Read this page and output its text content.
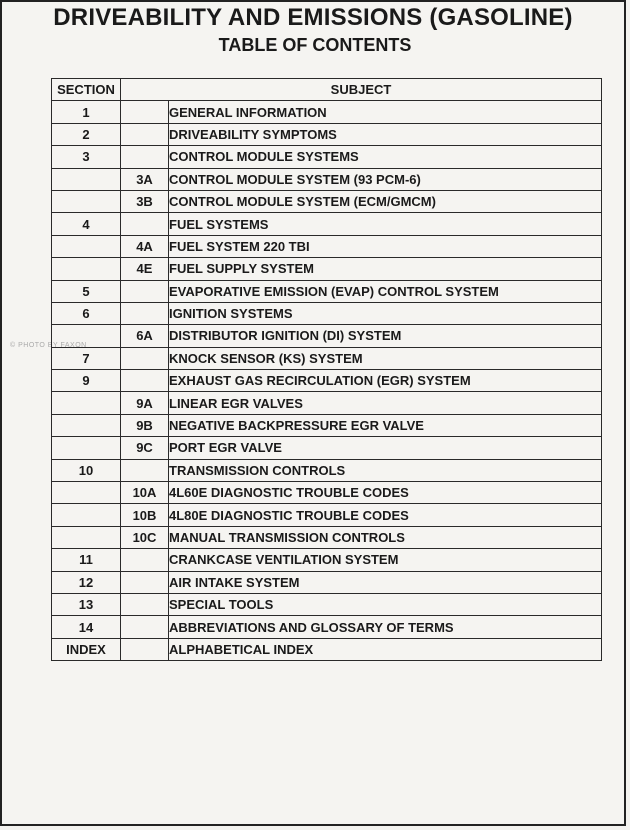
DRIVEABILITY AND EMISSIONS (GASOLINE)
TABLE OF CONTENTS
© PHOTO BY FAXON
SECTION	SUBJECT	
1		GENERAL INFORMATION
2		DRIVEABILITY SYMPTOMS
3		CONTROL MODULE SYSTEMS
	3A	CONTROL MODULE SYSTEM (93 PCM-6)
	3B	CONTROL MODULE SYSTEM (ECM/GMCM)
4		FUEL SYSTEMS
	4A	FUEL SYSTEM 220 TBI
	4E	FUEL SUPPLY SYSTEM
5		EVAPORATIVE EMISSION (EVAP) CONTROL SYSTEM
6		IGNITION SYSTEMS
	6A	DISTRIBUTOR IGNITION (DI) SYSTEM
7		KNOCK SENSOR (KS) SYSTEM
9		EXHAUST GAS RECIRCULATION (EGR) SYSTEM
	9A	LINEAR EGR VALVES
	9B	NEGATIVE BACKPRESSURE EGR VALVE
	9C	PORT EGR VALVE
10		TRANSMISSION CONTROLS
	10A	4L60E DIAGNOSTIC TROUBLE CODES
	10B	4L80E DIAGNOSTIC TROUBLE CODES
	10C	MANUAL TRANSMISSION CONTROLS
11		CRANKCASE VENTILATION SYSTEM
12		AIR INTAKE SYSTEM
13		SPECIAL TOOLS
14		ABBREVIATIONS AND GLOSSARY OF TERMS
INDEX		ALPHABETICAL INDEX
